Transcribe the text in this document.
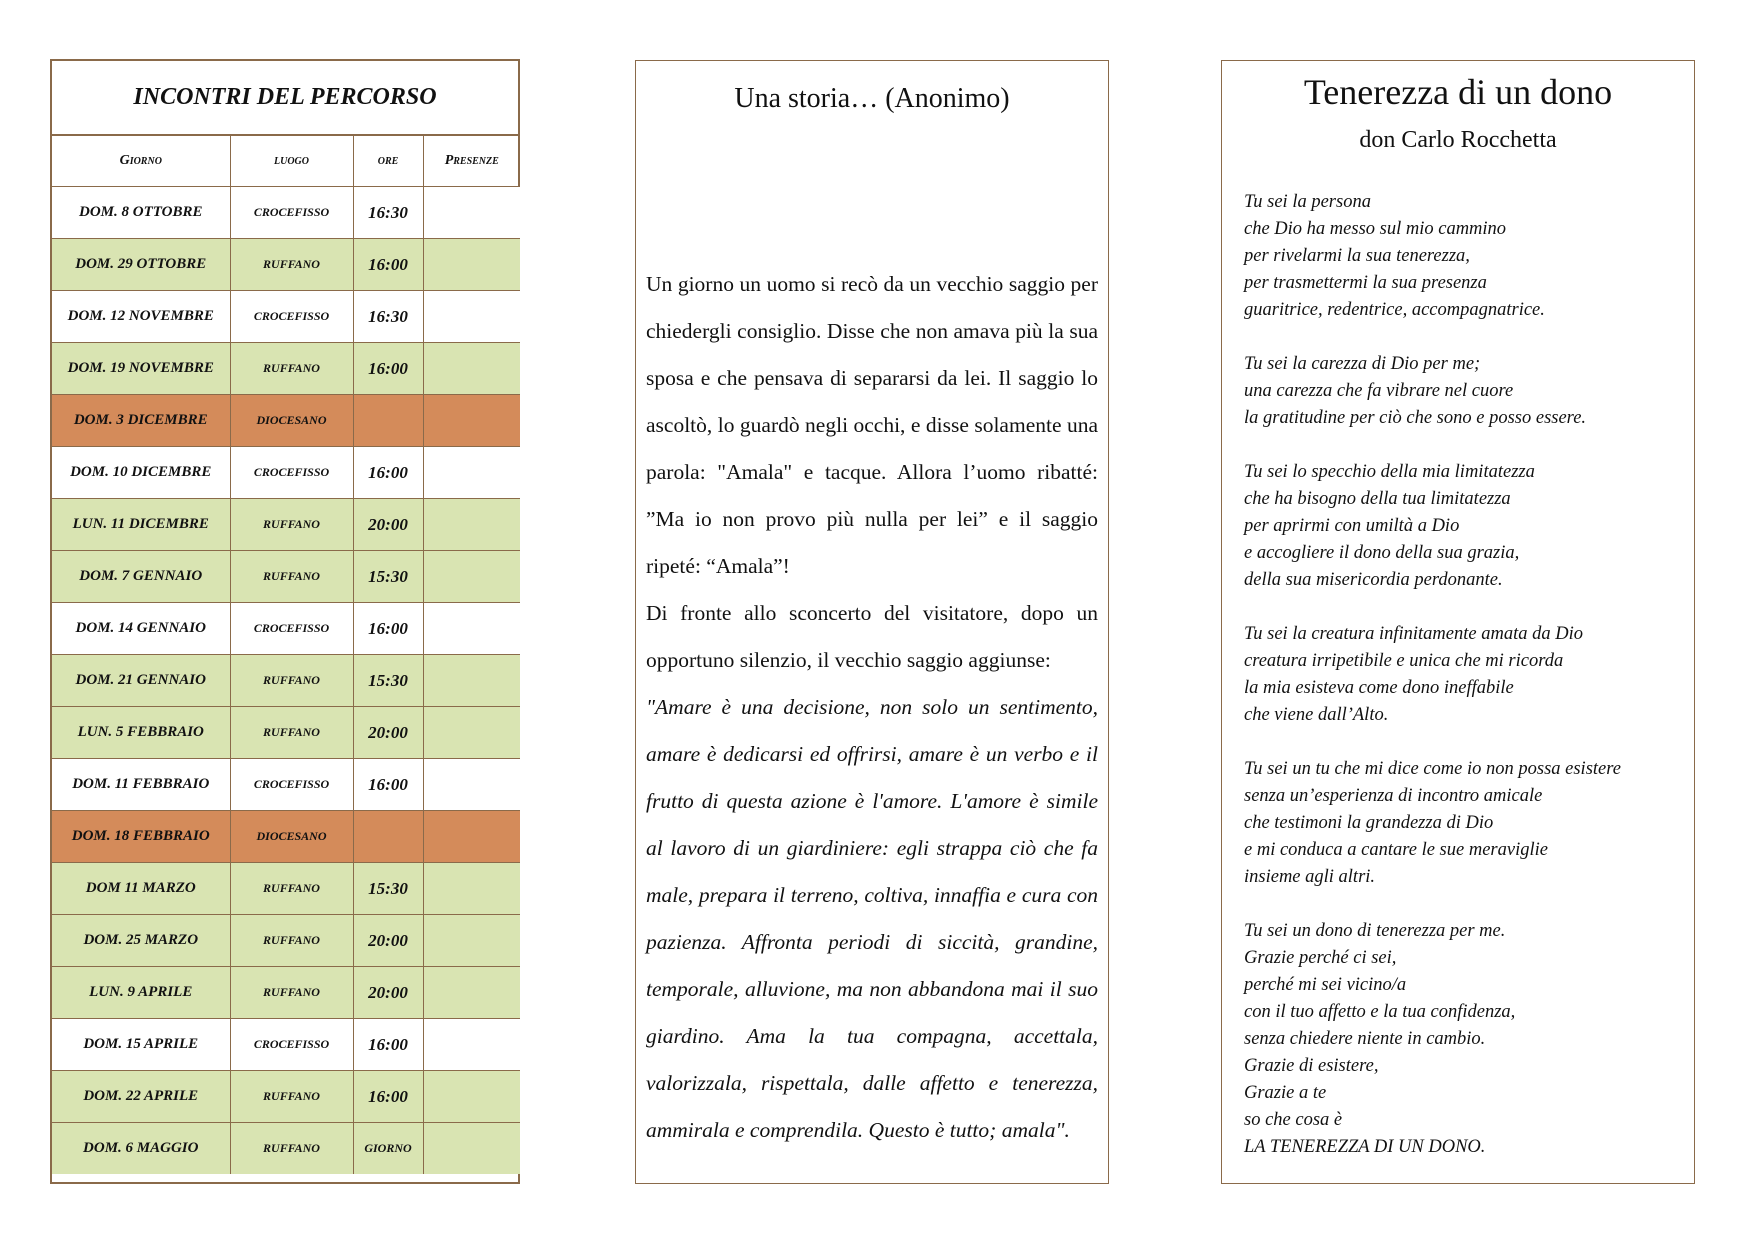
INCONTRI DEL PERCORSO
Giorno	luogo	ore	Presenze
DOM. 8 OTTOBRE	CROCEFISSO	16:30	
DOM. 29 OTTOBRE	RUFFANO	16:00	
DOM. 12 NOVEMBRE	CROCEFISSO	16:30	
DOM. 19 NOVEMBRE	RUFFANO	16:00	
DOM. 3 DICEMBRE	DIOCESANO		
DOM. 10 DICEMBRE	CROCEFISSO	16:00	
LUN. 11 DICEMBRE	RUFFANO	20:00	
DOM. 7 GENNAIO	RUFFANO	15:30	
DOM. 14 GENNAIO	CROCEFISSO	16:00	
DOM. 21 GENNAIO	RUFFANO	15:30	
LUN. 5 FEBBRAIO	RUFFANO	20:00	
DOM. 11 FEBBRAIO	CROCEFISSO	16:00	
DOM. 18 FEBBRAIO	DIOCESANO		
DOM 11 MARZO	RUFFANO	15:30	
DOM. 25 MARZO	RUFFANO	20:00	
LUN. 9 APRILE	RUFFANO	20:00	
DOM. 15 APRILE	CROCEFISSO	16:00	
DOM. 22 APRILE	RUFFANO	16:00	
DOM. 6 MAGGIO	RUFFANO	GIORNO	
Una storia… (Anonimo)

Un giorno un uomo si recò da un vecchio saggio per chiedergli consiglio. Disse che non amava più la sua sposa e che pensava di separarsi da lei. Il saggio lo ascoltò, lo guardò negli occhi, e disse solamente una parola: "Amala" e tacque. Allora l’uomo ribatté: ”Ma io non provo più nulla per lei” e il saggio ripeté: “Amala”!

Di fronte allo sconcerto del visitatore, dopo un opportuno silenzio, il vecchio saggio aggiunse:

"Amare è una decisione, non solo un sentimento, amare è dedicarsi ed offrirsi, amare è un verbo e il frutto di questa azione è l'amore. L'amore è simile al lavoro di un giardiniere: egli strappa ciò che fa male, prepara il terreno, coltiva, innaffia e cura con pazienza. Affronta periodi di siccità, grandine, temporale, alluvione, ma non abbandona mai il suo giardino. Ama la tua compagna, accettala, valorizzala, rispettala, dalle affetto e tenerezza, ammirala e comprendila. Questo è tutto; amala".

Tenerezza di un dono
don Carlo Rocchetta
Tu sei la persona
che Dio ha messo sul mio cammino
per rivelarmi la sua tenerezza,
per trasmettermi la sua presenza
guaritrice, redentrice, accompagnatrice.
Tu sei la carezza di Dio per me;
una carezza che fa vibrare nel cuore
la gratitudine per ciò che sono e posso essere.
Tu sei lo specchio della mia limitatezza
che ha bisogno della tua limitatezza
per aprirmi con umiltà a Dio
e accogliere il dono della sua grazia,
della sua misericordia perdonante.
Tu sei la creatura infinitamente amata da Dio
creatura irripetibile e unica che mi ricorda
la mia esisteva come dono ineffabile
che viene dall’Alto.
Tu sei un tu che mi dice come io non possa esistere
senza un’esperienza di incontro amicale
che testimoni la grandezza di Dio
e mi conduca a cantare le sue meraviglie
insieme agli altri.
Tu sei un dono di tenerezza per me.
Grazie perché ci sei,
perché mi sei vicino/a
con il tuo affetto e la tua confidenza,
senza chiedere niente in cambio.
Grazie di esistere,
Grazie a te
so che cosa è
LA TENEREZZA DI UN DONO.
